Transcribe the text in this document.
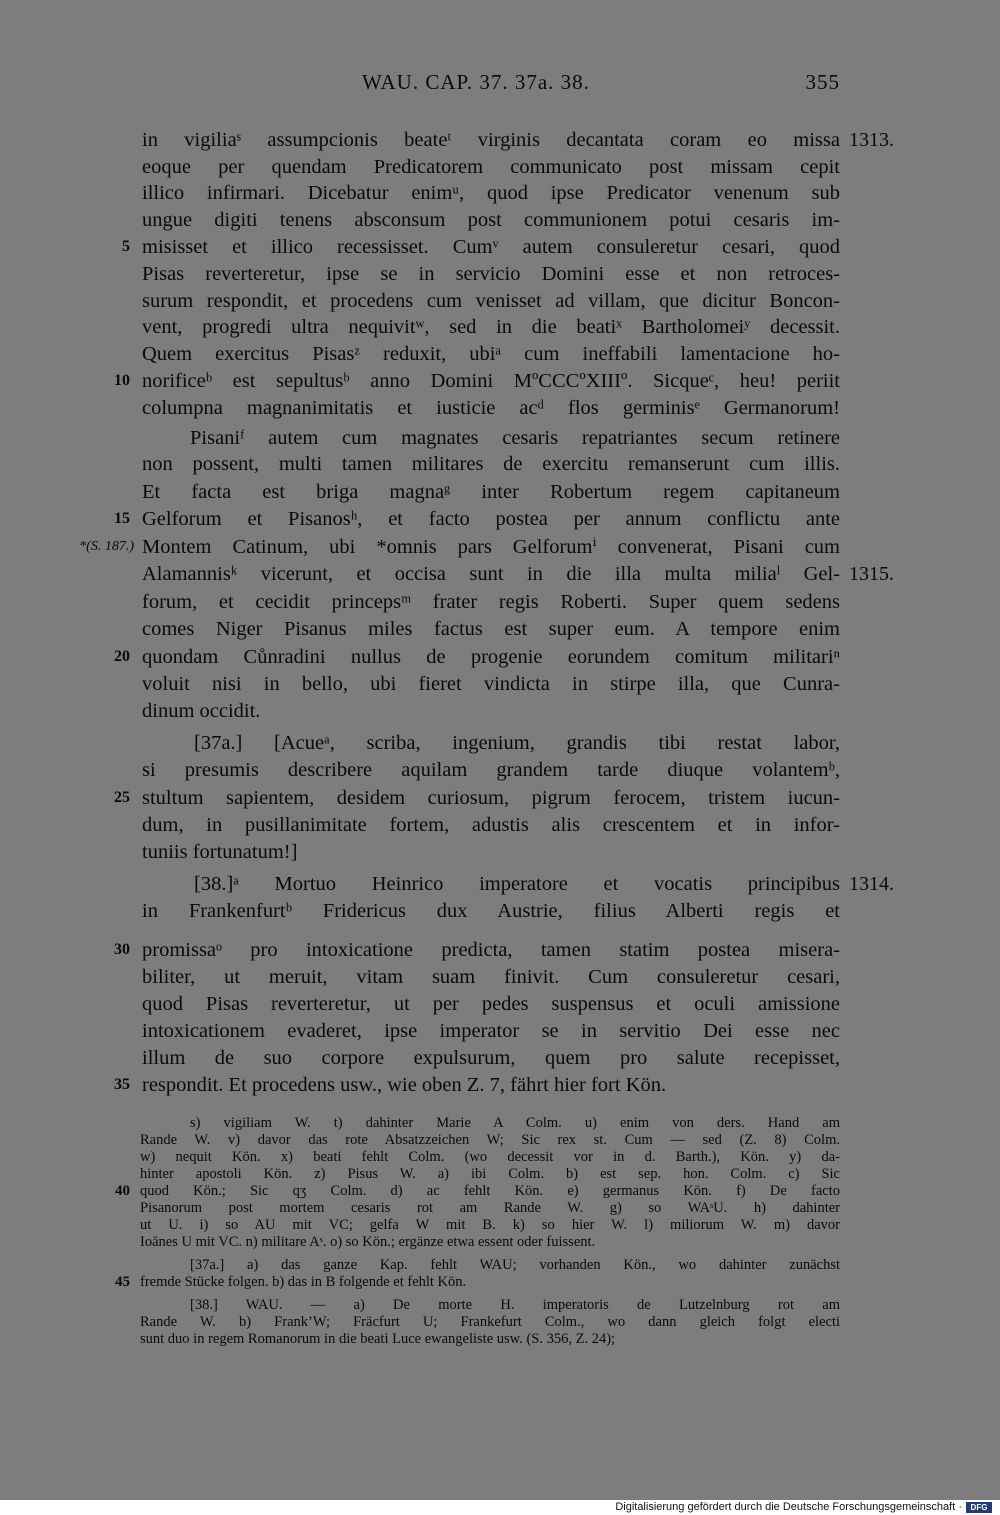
WAU. CAP. 37. 37a. 38.	355
in vigiliaˢ assumpcionis beateᵗ virginis decantata coram eo missa
eoque per quendam Predicatorem communicato post missam cepit
illico infirmari. Dicebatur enimᵘ, quod ipse Predicator venenum sub
ungue digiti tenens absconsum post communionem potui cesaris im-
misisset et illico recessisset. Cumᵛ autem consuleretur cesari, quod
Pisas reverteretur, ipse se in servicio Domini esse et non retroces-
surum respondit, et procedens cum venisset ad villam, que dicitur Boncon-
vent, progredi ultra nequivitʷ, sed in die beatiˣ Bartholomeiʸ decessit.
Quem exercitus Pisasᶻ reduxit, ubiᵃ cum ineffabili lamentacione ho-
norificeᵇ est sepultusᵇ anno Domini MºCCCºXIIIº. Sicqueᶜ, heu! periit
columpna magnanimitatis et iusticie acᵈ flos germinisᵉ Germanorum!
Pisaniᶠ autem cum magnates cesaris repatriantes secum retinere
non possent, multi tamen militares de exercitu remanserunt cum illis.
Et facta est briga magnaᵍ inter Robertum regem capitaneum
Gelforum et Pisanosʰ, et facto postea per annum conflictu ante
Montem Catinum, ubi *omnis pars Gelforumⁱ convenerat, Pisani cum
Alamannisᵏ vicerunt, et occisa sunt in die illa multa miliaˡ Gel-
forum, et cecidit princepsᵐ frater regis Roberti. Super quem sedens
comes Niger Pisanus miles factus est super eum. A tempore enim
quondam Cůnradini nullus de progenie eorundem comitum militariⁿ
voluit nisi in bello, ubi fieret vindicta in stirpe illa, que Cunra-
dinum occidit.
[37a.] [Acueᵃ, scriba, ingenium, grandis tibi restat labor,
si presumis describere aquilam grandem tarde diuque volantemᵇ,
stultum sapientem, desidem curiosum, pigrum ferocem, tristem iucun-
dum, in pusillanimitate fortem, adustis alis crescentem et in infor-
tuniis fortunatum!]
[38.]ᵃ Mortuo Heinrico imperatore et vocatis principibus
in Frankenfurtᵇ Fridericus dux Austrie, filius Alberti regis et
promissaᵒ pro intoxicatione predicta, tamen statim postea misera-
biliter, ut meruit, vitam suam finivit. Cum consuleretur cesari,
quod Pisas reverteretur, ut per pedes suspensus et oculi amissione
intoxicationem evaderet, ipse imperator se in servitio Dei esse nec
illum de suo corpore expulsurum, quem pro salute recepisset,
respondit. Et procedens usw., wie oben Z. 7, fährt hier fort Kön.
5
10
15
20
25
30
35
1313.
1315.
1314.
*(S. 187.)
s) vigiliam W. t) dahinter Marie A Colm. u) enim von ders. Hand am
Rande W. v) davor das rote Absatzzeichen W; Sic rex st. Cum — sed (Z. 8) Colm.
w) nequit Kön. x) beati fehlt Colm. (wo decessit vor in d. Barth.), Kön. y) da-
hinter apostoli Kön. z) Pisus W. a) ibi Colm. b) est sep. hon. Colm. c) Sic
quod Kön.; Sic qʒ Colm. d) ac fehlt Kön. e) germanus Kön. f) De facto
Pisanorum post mortem cesaris rot am Rande W. g) so WAˢU. h) dahinter
ut U. i) so AU mit VC; gelfa W mit B. k) so hier W. l) miliorum W. m) davor
Ioānes U mit VC. n) militare Aˢ. o) so Kön.; ergänze etwa essent oder fuissent.
[37a.] a) das ganze Kap. fehlt WAU; vorhanden Kön., wo dahinter zunächst
fremde Stücke folgen. b) das in B folgende et fehlt Kön.
[38.] WAU. — a) De morte H. imperatoris de Lutzelnburg rot am
Rande W. b) Frank’W; Fräcfurt U; Frankefurt Colm., wo dann gleich folgt electi
sunt duo in regem Romanorum in die beati Luce ewangeliste usw. (S. 356, Z. 24);
40
45
Digitalisierung gefördert durch die Deutsche Forschungsgemeinschaft ·	DFG
